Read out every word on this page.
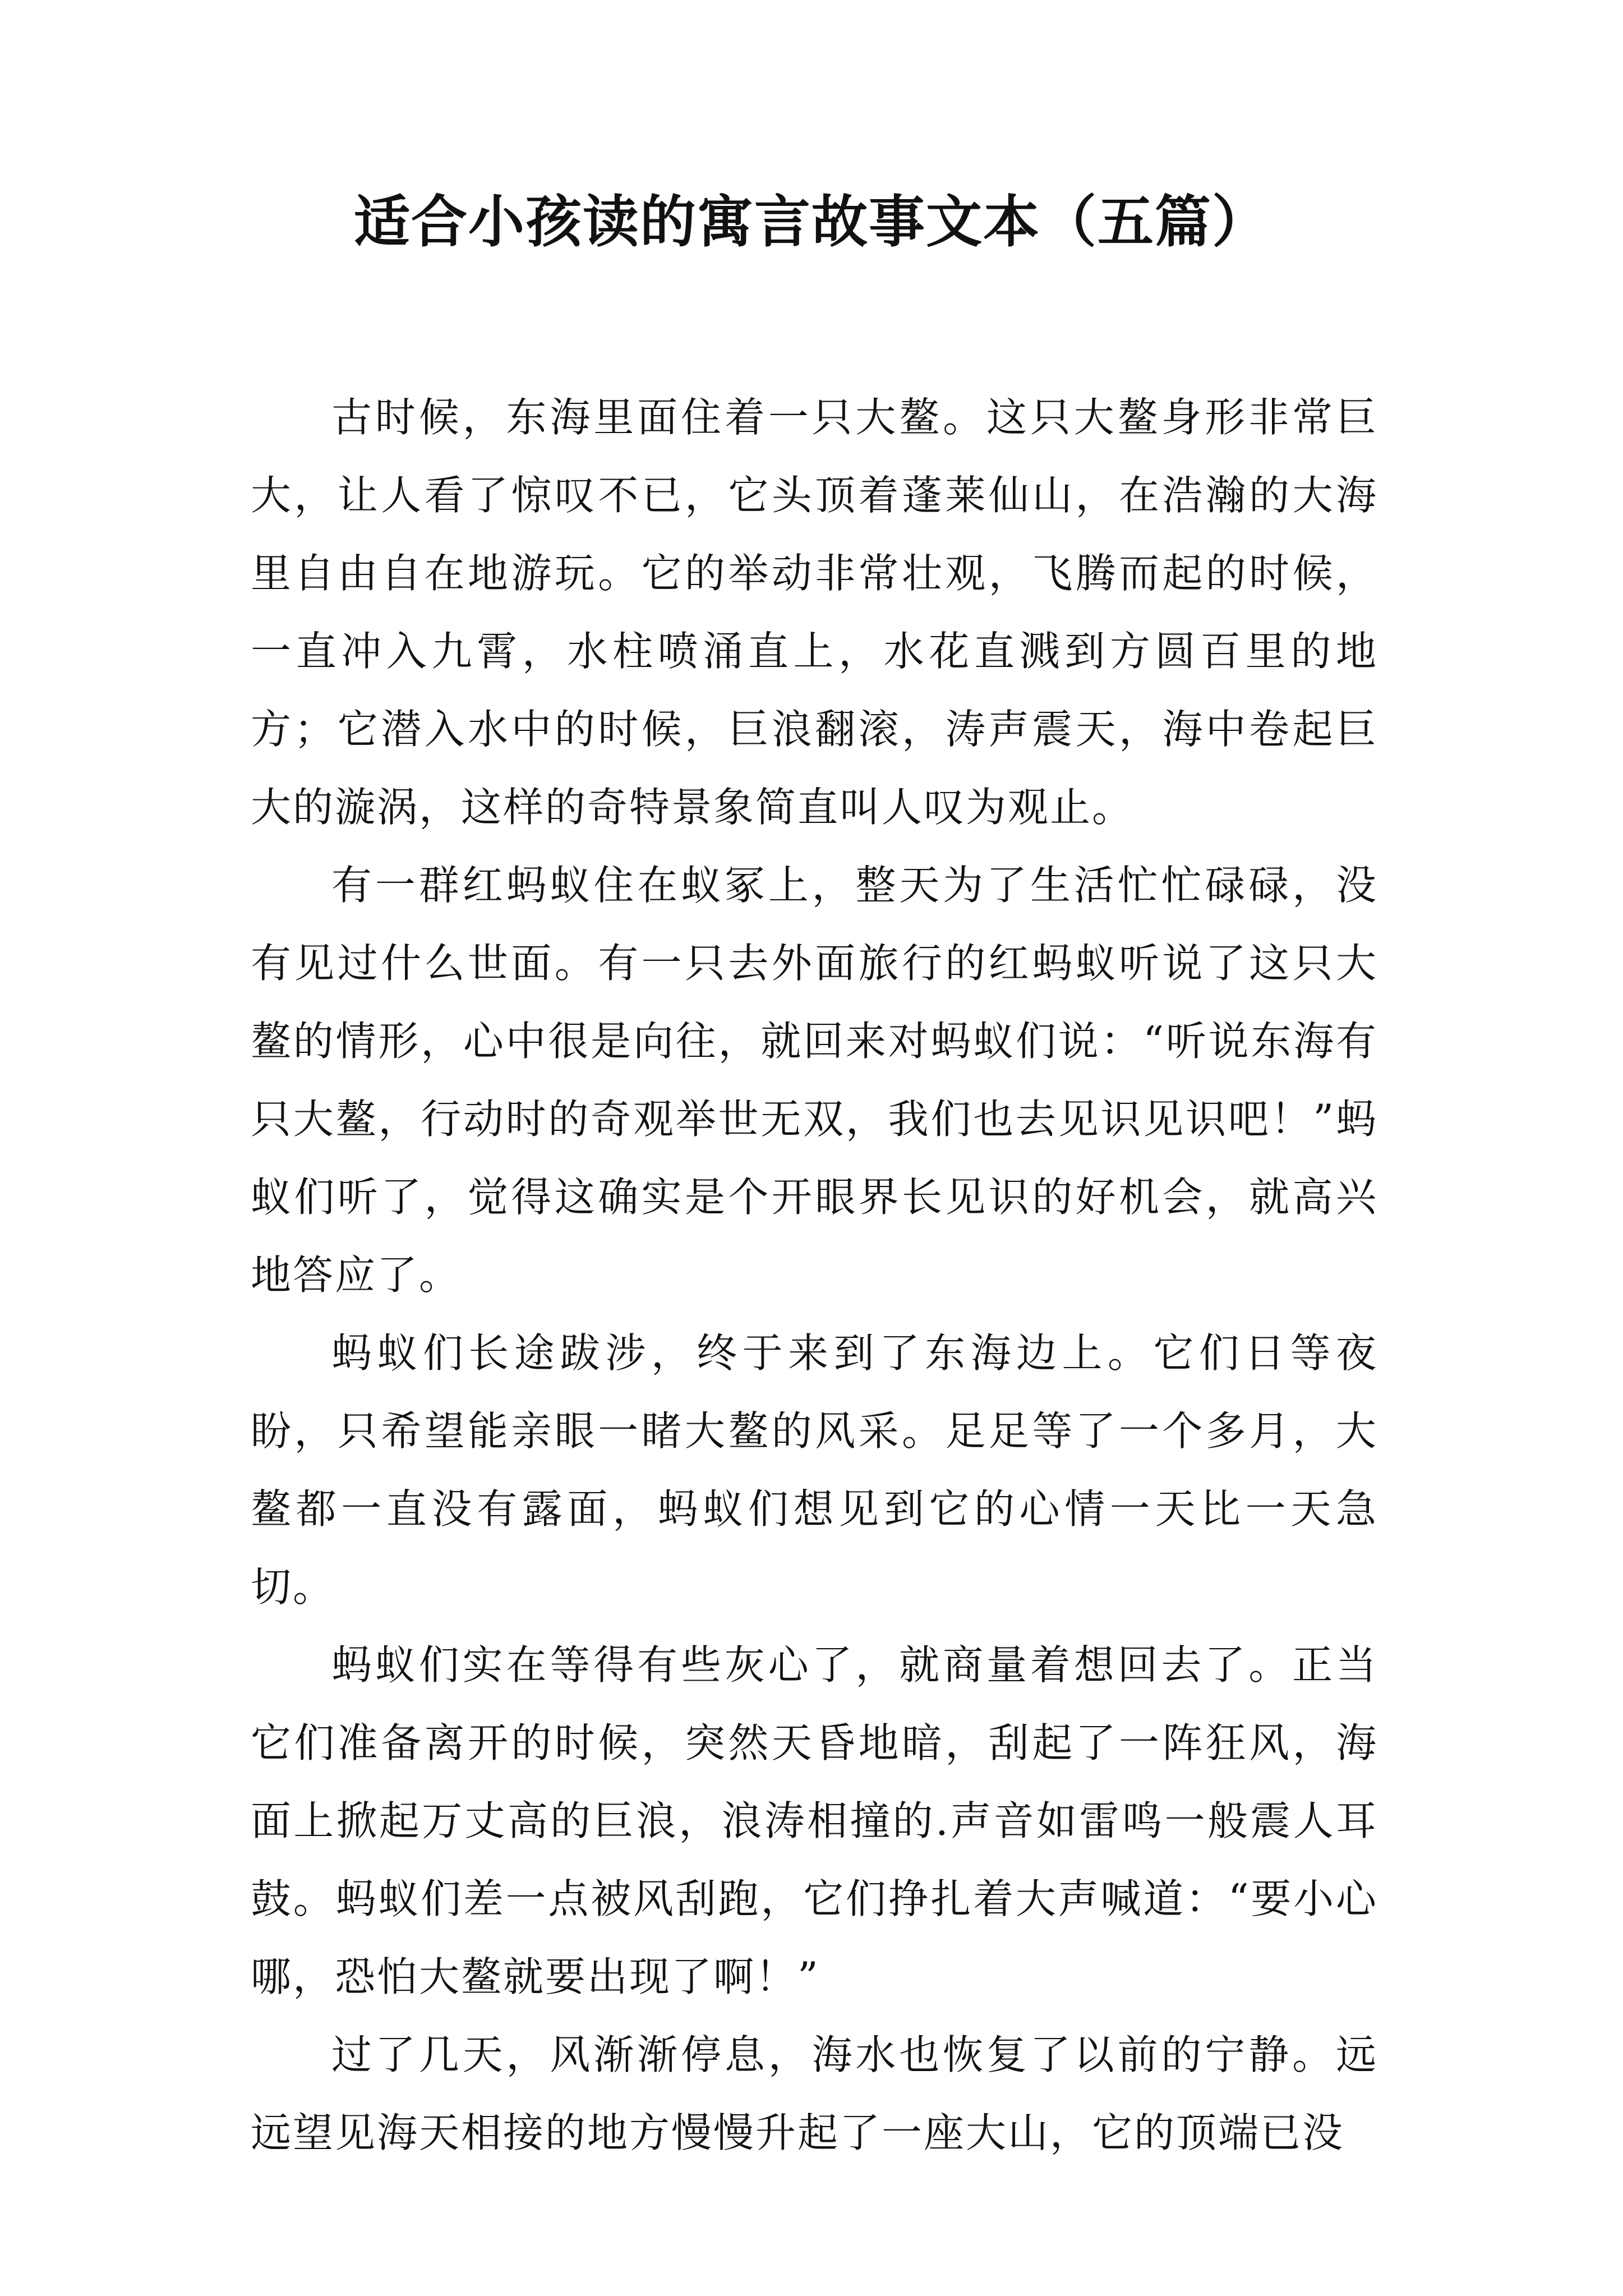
适合小孩读的寓言故事文本（五篇）

古时候，东海里面住着一只大鳌。这只大鳌身形非常巨大，让人看了惊叹不已，它头顶着蓬莱仙山，在浩瀚的大海里自由自在地游玩。它的举动非常壮观，飞腾而起的时候，一直冲入九霄，水柱喷涌直上，水花直溅到方圆百里的地方；它潜入水中的时候，巨浪翻滚，涛声震天，海中卷起巨大的漩涡，这样的奇特景象简直叫人叹为观止。

有一群红蚂蚁住在蚁冢上，整天为了生活忙忙碌碌，没有见过什么世面。有一只去外面旅行的红蚂蚁听说了这只大鳌的情形，心中很是向往，就回来对蚂蚁们说：“听说东海有只大鳌，行动时的奇观举世无双，我们也去见识见识吧！”蚂蚁们听了，觉得这确实是个开眼界长见识的好机会，就高兴地答应了。

蚂蚁们长途跋涉，终于来到了东海边上。它们日等夜盼，只希望能亲眼一睹大鳌的风采。足足等了一个多月，大鳌都一直没有露面，蚂蚁们想见到它的心情一天比一天急切。

蚂蚁们实在等得有些灰心了，就商量着想回去了。正当它们准备离开的时候，突然天昏地暗，刮起了一阵狂风，海面上掀起万丈高的巨浪，浪涛相撞的.声音如雷鸣一般震人耳鼓。蚂蚁们差一点被风刮跑，它们挣扎着大声喊道：“要小心哪，恐怕大鳌就要出现了啊！”

过了几天，风渐渐停息，海水也恢复了以前的宁静。远远望见海天相接的地方慢慢升起了一座大山，它的顶端已没
